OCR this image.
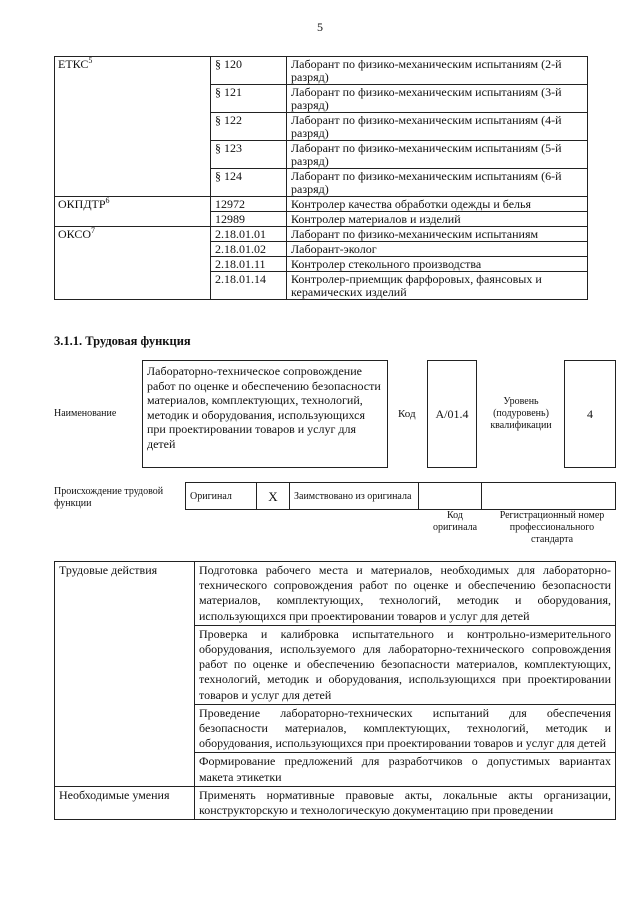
5
ЕТКС$^5$	§ 120	Лаборант по физико-механическим испытаниям (2-й разряд)
	§ 121	Лаборант по физико-механическим испытаниям (3-й разряд)
	§ 122	Лаборант по физико-механическим испытаниям (4-й разряд)
	§ 123	Лаборант по физико-механическим испытаниям (5-й разряд)
	§ 124	Лаборант по физико-механическим испытаниям (6-й разряд)
ОКПДТР$^6$	12972	Контролер качества обработки одежды и белья
	12989	Контролер материалов и изделий
ОКСО$^7$	2.18.01.01	Лаборант по физико-механическим испытаниям
	2.18.01.02	Лаборант-эколог
	2.18.01.11	Контролер стекольного производства
	2.18.01.14	Контролер-приемщик фарфоровых, фаянсовых и керамических изделий
3.1.1. Трудовая функция
Наименование
Лабораторно-техническое сопровождение работ по оценке и обеспечению безопасности материалов, комплектующих, технологий, методик и оборудования, использующихся при проектировании товаров и услуг для детей
Код	А/01.4
Уровень (подуровень) квалификации
4
Происхождение трудовой функции
Оригинал	X	Заимствовано из оригинала		
Код оригинала
Регистрационный номер профессионального стандарта
Трудовые действия	Подготовка рабочего места и материалов, необходимых для лабораторно-технического сопровождения работ по оценке и обеспечению безопасности материалов, комплектующих, технологий, методик и оборудования, использующихся при проектировании товаров и услуг для детей
	Проверка и калибровка испытательного и контрольно-измерительного оборудования, используемого для лабораторно-технического сопровождения работ по оценке и обеспечению безопасности материалов, комплектующих, технологий, методик и оборудования, использующихся при проектировании товаров и услуг для детей
	Проведение лабораторно-технических испытаний для обеспечения безопасности материалов, комплектующих, технологий, методик и оборудования, использующихся при проектировании товаров и услуг для детей
	Формирование предложений для разработчиков о допустимых вариантах макета этикетки
Необходимые умения	Применять нормативные правовые акты, локальные акты организации, конструкторскую и технологическую документацию при проведении
